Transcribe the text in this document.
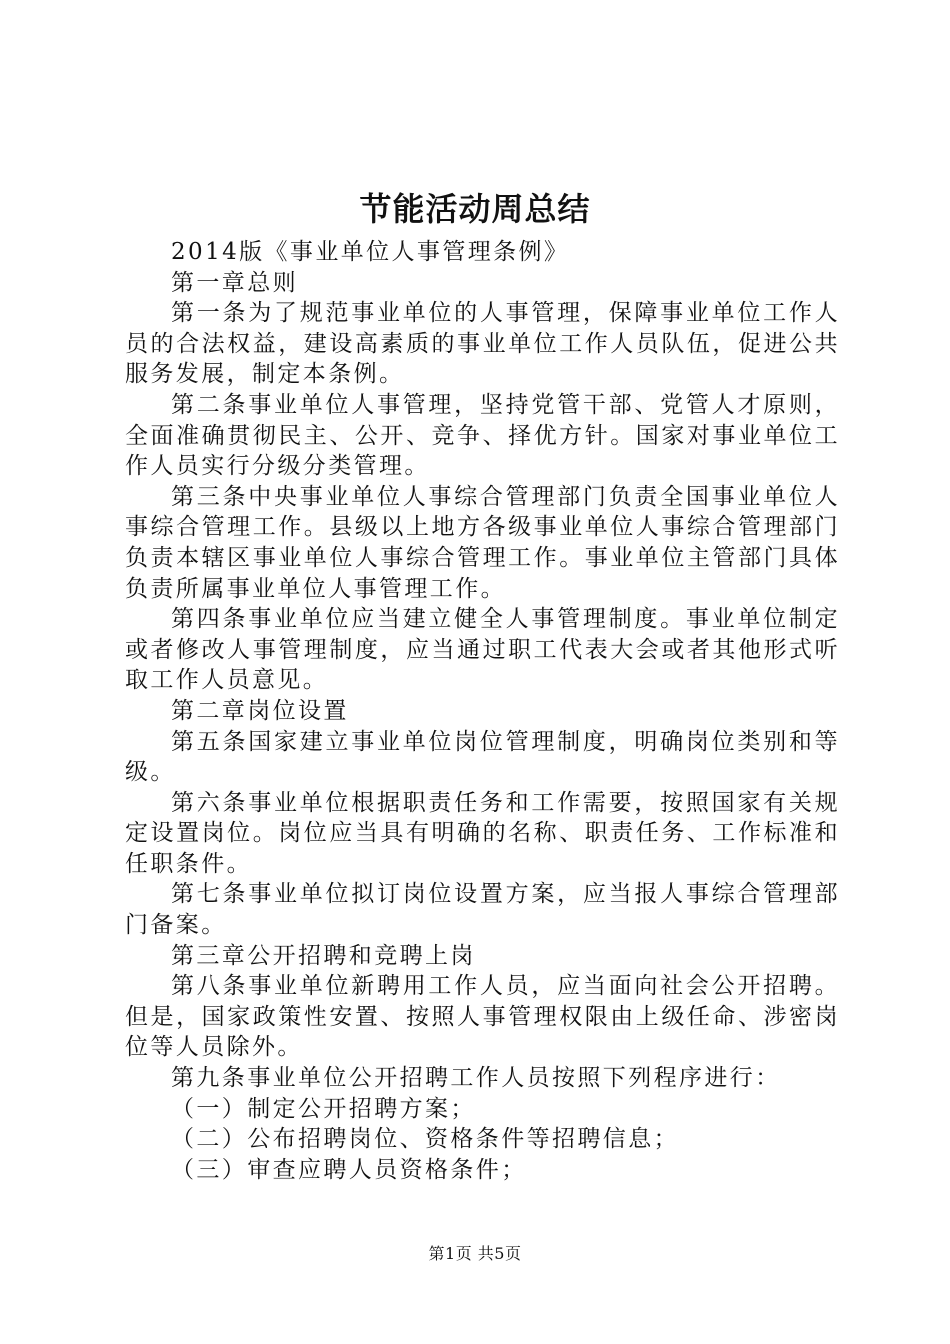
节能活动周总结

2014版《事业单位人事管理条例》

第一章总则

第一条为了规范事业单位的人事管理，保障事业单位工作人员的合法权益，建设高素质的事业单位工作人员队伍，促进公共服务发展，制定本条例。

第二条事业单位人事管理，坚持党管干部、党管人才原则，全面准确贯彻民主、公开、竞争、择优方针。国家对事业单位工作人员实行分级分类管理。

第三条中央事业单位人事综合管理部门负责全国事业单位人事综合管理工作。县级以上地方各级事业单位人事综合管理部门负责本辖区事业单位人事综合管理工作。事业单位主管部门具体负责所属事业单位人事管理工作。

第四条事业单位应当建立健全人事管理制度。事业单位制定或者修改人事管理制度，应当通过职工代表大会或者其他形式听取工作人员意见。

第二章岗位设置

第五条国家建立事业单位岗位管理制度，明确岗位类别和等级。

第六条事业单位根据职责任务和工作需要，按照国家有关规定设置岗位。岗位应当具有明确的名称、职责任务、工作标准和任职条件。

第七条事业单位拟订岗位设置方案，应当报人事综合管理部门备案。

第三章公开招聘和竞聘上岗

第八条事业单位新聘用工作人员，应当面向社会公开招聘。但是，国家政策性安置、按照人事管理权限由上级任命、涉密岗位等人员除外。

第九条事业单位公开招聘工作人员按照下列程序进行：

（一）制定公开招聘方案；

（二）公布招聘岗位、资格条件等招聘信息；

（三）审查应聘人员资格条件；

第1页 共5页
